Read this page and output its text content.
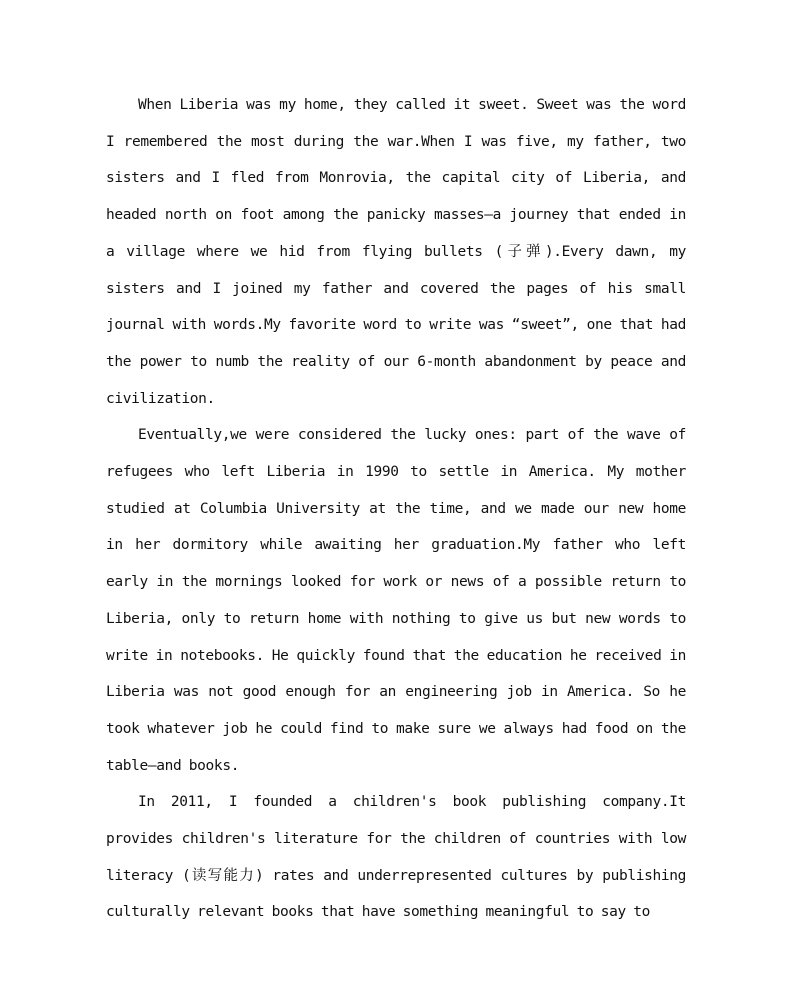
When Liberia was my home, they called it sweet. Sweet was the word I remembered the most during the war.When I was five, my father, two sisters and I fled from Monrovia, the capital city of Liberia, and headed north on foot among the panicky masses—a journey that ended in a village where we hid from flying bullets (子弹).Every dawn, my sisters and I joined my father and covered the pages of his small journal with words.My favorite word to write was “sweet”, one that had the power to numb the reality of our 6-month abandonment by peace and civilization.

Eventually,we were considered the lucky ones: part of the wave of refugees who left Liberia in 1990 to settle in America. My mother studied at Columbia University at the time, and we made our new home in her dormitory while awaiting her graduation.My father who left early in the mornings looked for work or news of a possible return to Liberia, only to return home with nothing to give us but new words to write in notebooks. He quickly found that the education he received in Liberia was not good enough for an engineering job in America. So he took whatever job he could find to make sure we always had food on the table—and books.

In 2011, I founded a children's book publishing company.It provides children's literature for the children of countries with low literacy (读写能力) rates and underrepresented cultures by publishing culturally relevant books that have something meaningful to say to
